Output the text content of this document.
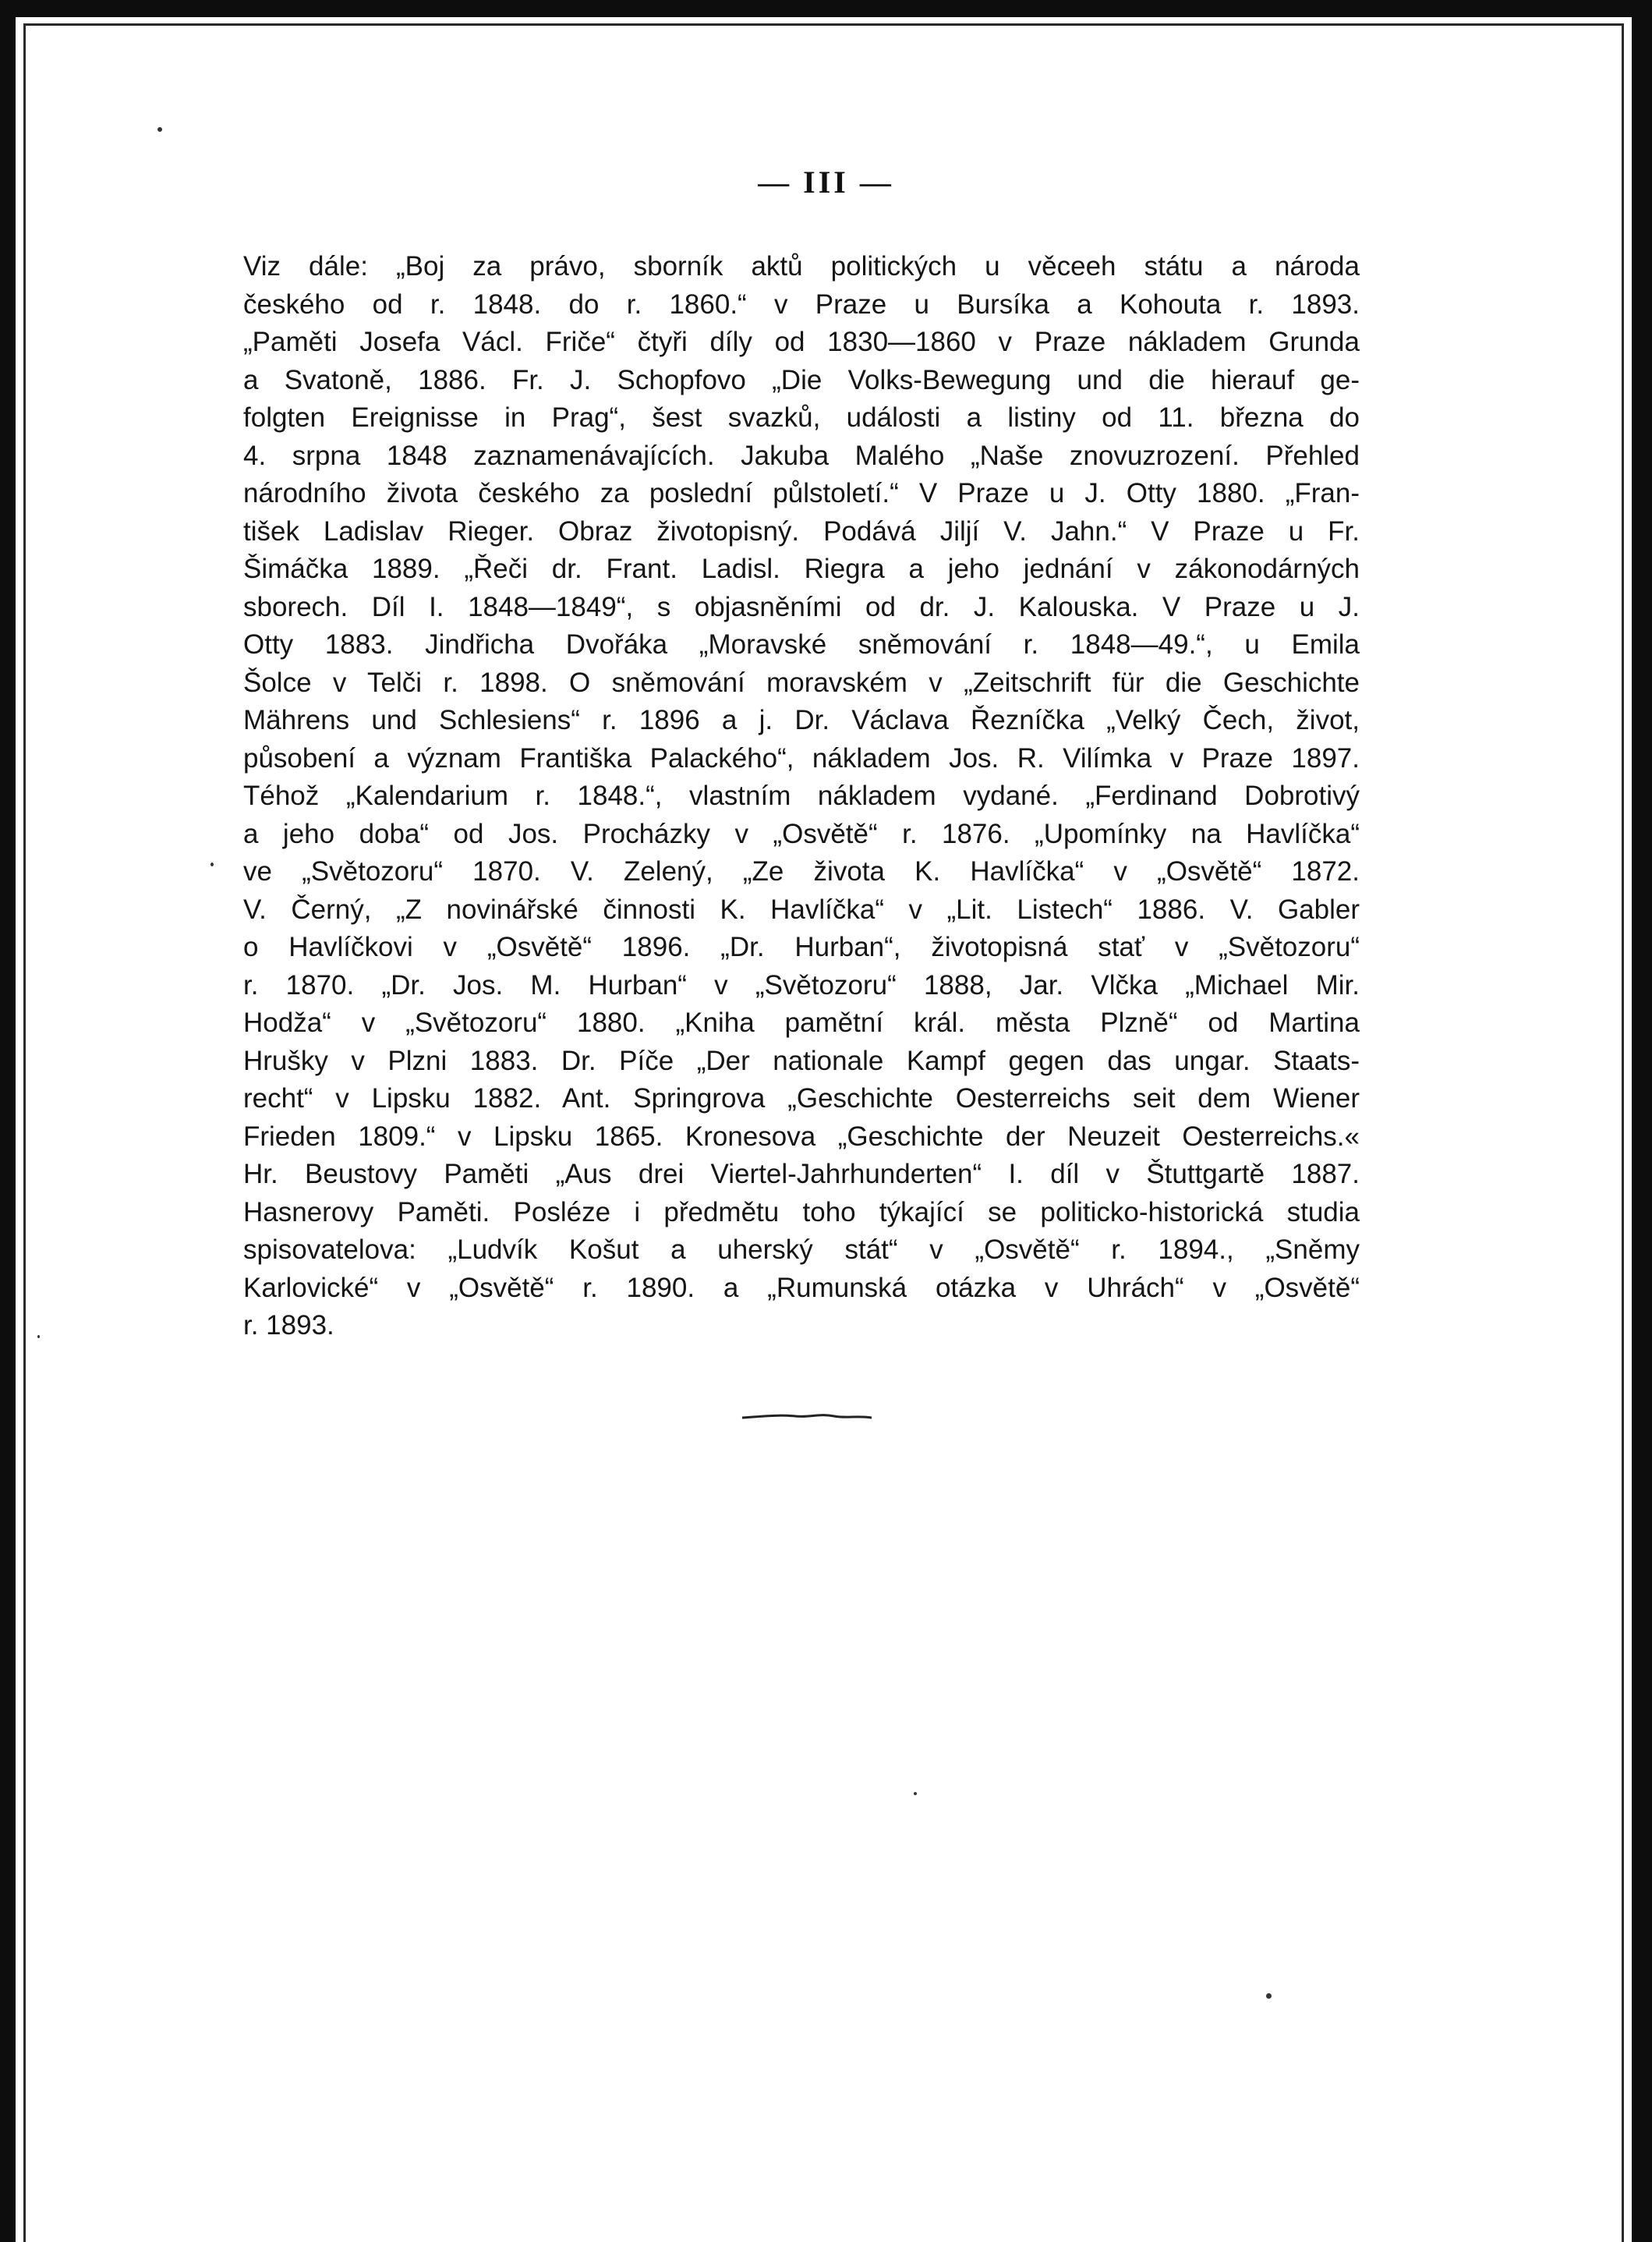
— III —
Viz dále: „Boj za právo, sborník aktů politických u věceeh státu a národa
českého od r. 1848. do r. 1860.“ v Praze u Bursíka a Kohouta r. 1893.
„Paměti Josefa Václ. Friče“ čtyři díly od 1830—1860 v Praze nákladem Grunda
a Svatoně, 1886. Fr. J. Schopfovo „Die Volks-Bewegung und die hierauf ge-
folgten Ereignisse in Prag“, šest svazků, události a listiny od 11. března do
4. srpna 1848 zaznamenávajících. Jakuba Malého „Naše znovuzrození. Přehled
národního života českého za poslední půlstoletí.“ V Praze u J. Otty 1880. „Fran-
tišek Ladislav Rieger. Obraz životopisný. Podává Jiljí V. Jahn.“ V Praze u Fr.
Šimáčka 1889. „Řeči dr. Frant. Ladisl. Riegra a jeho jednání v zákonodárných
sborech. Díl I. 1848—1849“, s objasněními od dr. J. Kalouska. V Praze u J.
Otty 1883. Jindřicha Dvořáka „Moravské sněmování r. 1848—49.“, u Emila
Šolce v Telči r. 1898. O sněmování moravském v „Zeitschrift für die Geschichte
Mährens und Schlesiens“ r. 1896 a j. Dr. Václava Řezníčka „Velký Čech, život,
působení a význam Františka Palackého“, nákladem Jos. R. Vilímka v Praze 1897.
Téhož „Kalendarium r. 1848.“, vlastním nákladem vydané. „Ferdinand Dobrotivý
a jeho doba“ od Jos. Procházky v „Osvětě“ r. 1876. „Upomínky na Havlíčka“
ve „Světozoru“ 1870. V. Zelený, „Ze života K. Havlíčka“ v „Osvětě“ 1872.
V. Černý, „Z novinářské činnosti K. Havlíčka“ v „Lit. Listech“ 1886. V. Gabler
o Havlíčkovi v „Osvětě“ 1896. „Dr. Hurban“, životopisná stať v „Světozoru“
r. 1870. „Dr. Jos. M. Hurban“ v „Světozoru“ 1888, Jar. Vlčka „Michael Mir.
Hodža“ v „Světozoru“ 1880. „Kniha pamětní král. města Plzně“ od Martina
Hrušky v Plzni 1883. Dr. Píče „Der nationale Kampf gegen das ungar. Staats-
recht“ v Lipsku 1882. Ant. Springrova „Geschichte Oesterreichs seit dem Wiener
Frieden 1809.“ v Lipsku 1865. Kronesova „Geschichte der Neuzeit Oesterreichs.«
Hr. Beustovy Paměti „Aus drei Viertel-Jahrhunderten“ I. díl v Štuttgartě 1887.
Hasnerovy Paměti. Posléze i předmětu toho týkající se politicko-historická studia
spisovatelova: „Ludvík Košut a uherský stát“ v „Osvětě“ r. 1894., „Sněmy
Karlovické“ v „Osvětě“ r. 1890. a „Rumunská otázka v Uhrách“ v „Osvětě“
r. 1893.
